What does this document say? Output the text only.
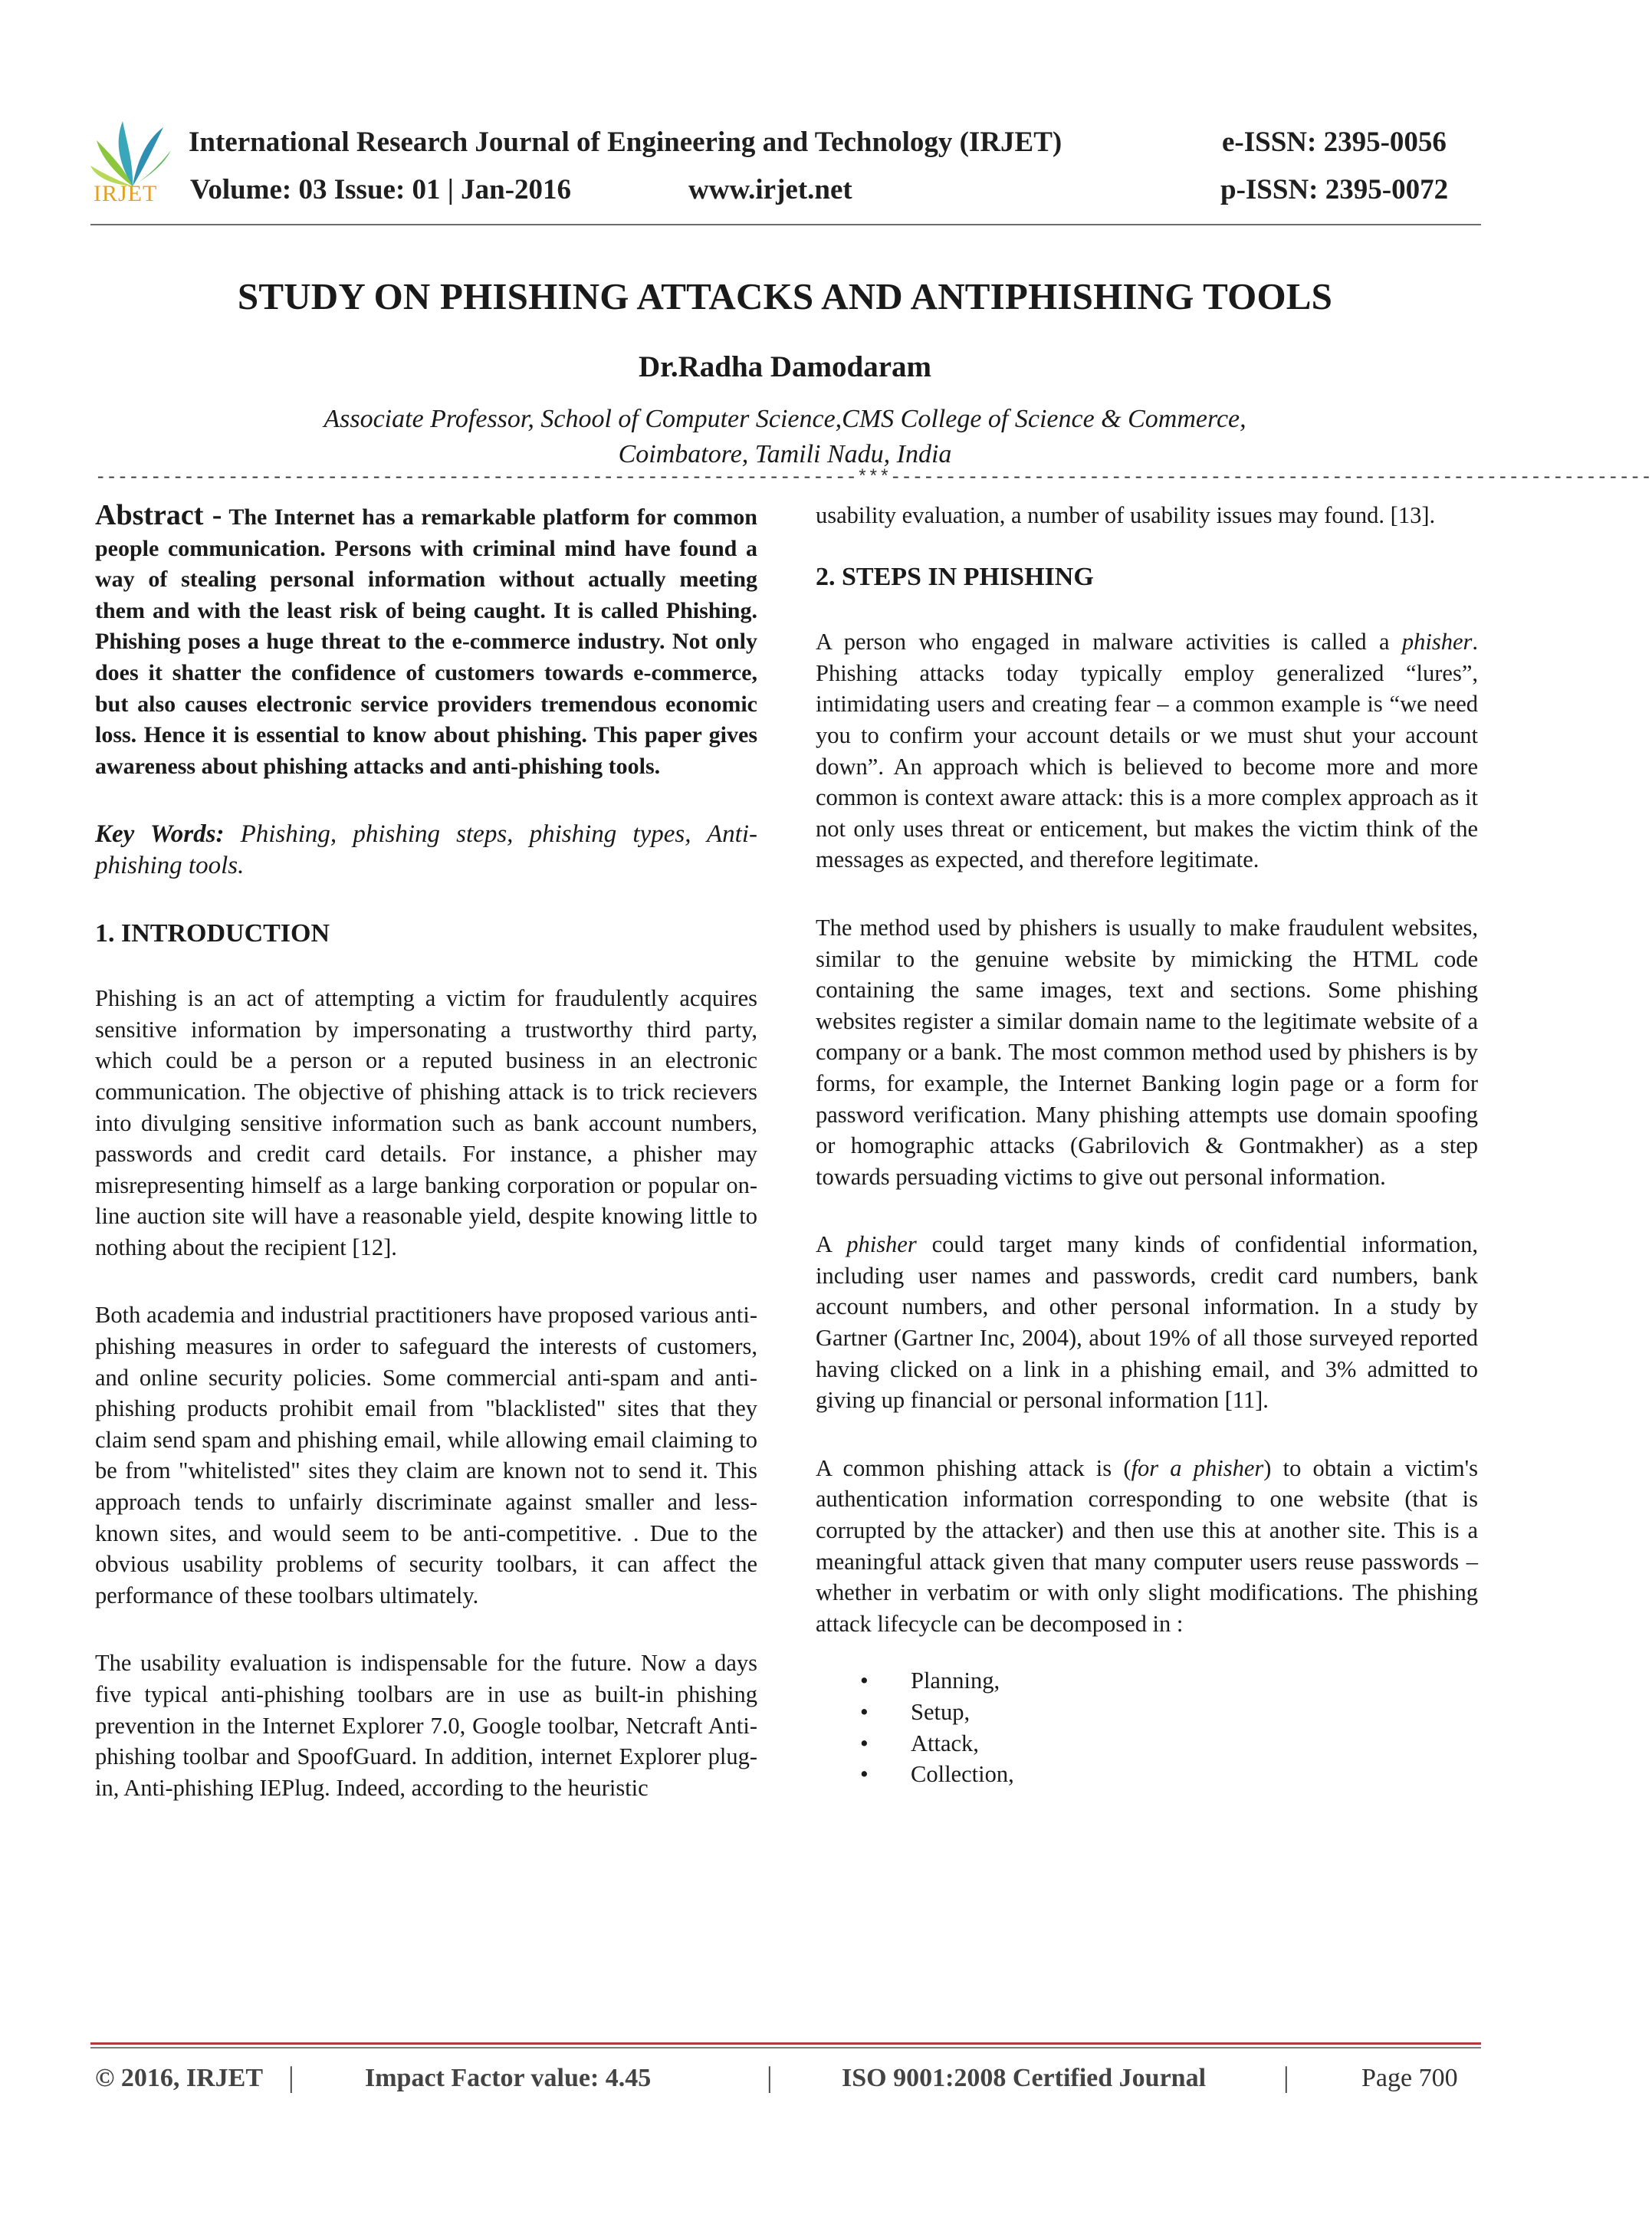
IRJET
International Research Journal of Engineering and Technology (IRJET)	e-ISSN: 2395-0056
Volume: 03 Issue: 01 | Jan-2016	www.irjet.net	p-ISSN: 2395-0072
STUDY ON PHISHING ATTACKS AND ANTIPHISHING TOOLS
Dr.Radha Damodaram
Associate Professor, School of Computer Science,CMS College of Science & Commerce,
Coimbatore, Tamili Nadu, India
---------------------------------------------------------------------***---------------------------------------------------------------------

Abstract - The Internet has a remarkable platform for common people communication. Persons with criminal mind have found a way of stealing personal information without actually meeting them and with the least risk of being caught. It is called Phishing. Phishing poses a huge threat to the e-commerce industry. Not only does it shatter the confidence of customers towards e-commerce, but also causes electronic service providers tremendous economic loss. Hence it is essential to know about phishing. This paper gives awareness about phishing attacks and anti-phishing tools.

Key Words: Phishing, phishing steps, phishing types, Anti-phishing tools.

1. INTRODUCTION

Phishing is an act of attempting a victim for fraudulently acquires sensitive information by impersonating a trustworthy third party, which could be a person or a reputed business in an electronic communication. The objective of phishing attack is to trick recievers into divulging sensitive information such as bank account numbers, passwords and credit card details. For instance, a phisher may misrepresenting himself as a large banking corporation or popular on-line auction site will have a reasonable yield, despite knowing little to nothing about the recipient [12].

Both academia and industrial practitioners have proposed various anti-phishing measures in order to safeguard the interests of customers, and online security policies. Some commercial anti-spam and anti-phishing products prohibit email from "blacklisted" sites that they claim send spam and phishing email, while allowing email claiming to be from "whitelisted" sites they claim are known not to send it. This approach tends to unfairly discriminate against smaller and less-known sites, and would seem to be anti-competitive. . Due to the obvious usability problems of security toolbars, it can affect the performance of these toolbars ultimately.

The usability evaluation is indispensable for the future. Now a days five typical anti-phishing toolbars are in use as built-in phishing prevention in the Internet Explorer 7.0, Google toolbar, Netcraft Anti-phishing toolbar and SpoofGuard. In addition, internet Explorer plug-in, Anti-phishing IEPlug. Indeed, according to the heuristic

usability evaluation, a number of usability issues may found. [13].

2. STEPS IN PHISHING

A person who engaged in malware activities is called a phisher. Phishing attacks today typically employ generalized “lures”, intimidating users and creating fear – a common example is “we need you to confirm your account details or we must shut your account down”. An approach which is believed to become more and more common is context aware attack: this is a more complex approach as it not only uses threat or enticement, but makes the victim think of the messages as expected, and therefore legitimate.

The method used by phishers is usually to make fraudulent websites, similar to the genuine website by mimicking the HTML code containing the same images, text and sections. Some phishing websites register a similar domain name to the legitimate website of a company or a bank. The most common method used by phishers is by forms, for example, the Internet Banking login page or a form for password verification. Many phishing attempts use domain spoofing or homographic attacks (Gabrilovich & Gontmakher) as a step towards persuading victims to give out personal information.

A phisher could target many kinds of confidential information, including user names and passwords, credit card numbers, bank account numbers, and other personal information. In a study by Gartner (Gartner Inc, 2004), about 19% of all those surveyed reported having clicked on a link in a phishing email, and 3% admitted to giving up financial or personal information [11].

A common phishing attack is (for a phisher) to obtain a victim's authentication information corresponding to one website (that is corrupted by the attacker) and then use this at another site. This is a meaningful attack given that many computer users reuse passwords – whether in verbatim or with only slight modifications. The phishing attack lifecycle can be decomposed in :

• Planning,
• Setup,
• Attack,
• Collection,
© 2016, IRJET |	Impact Factor value: 4.45	|	ISO 9001:2008 Certified Journal	|	Page 700
